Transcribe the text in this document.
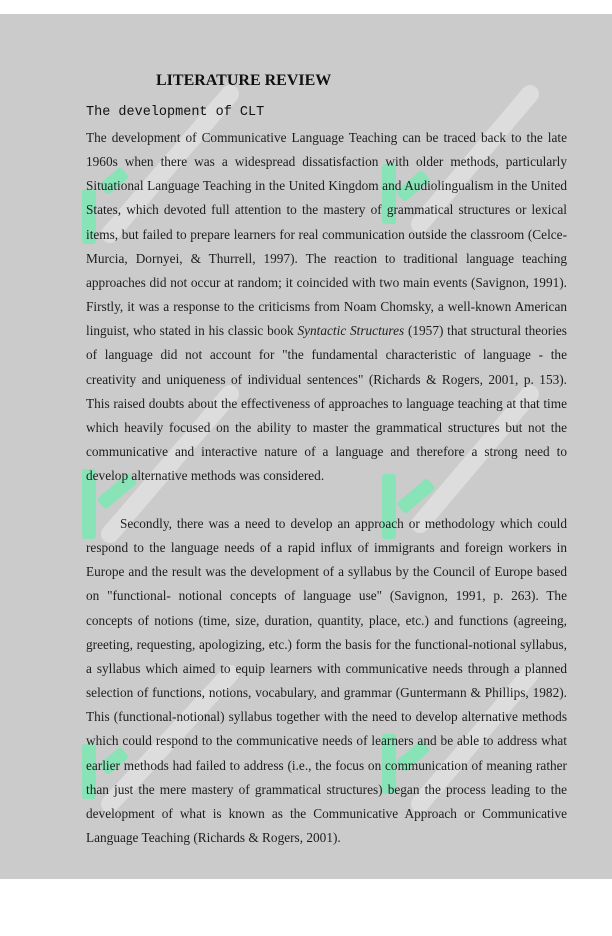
LITERATURE REVIEW
The development of CLT

The development of Communicative Language Teaching can be traced back to the late 1960s when there was a widespread dissatisfaction with older methods, particularly Situational Language Teaching in the United Kingdom and Audiolingualism in the United States, which devoted full attention to the mastery of grammatical structures or lexical items, but failed to prepare learners for real communication outside the classroom (Celce-Murcia, Dornyei, & Thurrell, 1997). The reaction to traditional language teaching approaches did not occur at random; it coincided with two main events (Savignon, 1991). Firstly, it was a response to the criticisms from Noam Chomsky, a well-known American linguist, who stated in his classic book Syntactic Structures (1957) that structural theories of language did not account for "the fundamental characteristic of language - the creativity and uniqueness of individual sentences" (Richards & Rogers, 2001, p. 153). This raised doubts about the effectiveness of approaches to language teaching at that time which heavily focused on the ability to master the grammatical structures but not the communicative and interactive nature of a language and therefore a strong need to develop alternative methods was considered.

Secondly, there was a need to develop an approach or methodology which could respond to the language needs of a rapid influx of immigrants and foreign workers in Europe and the result was the development of a syllabus by the Council of Europe based on "functional- notional concepts of language use" (Savignon, 1991, p. 263). The concepts of notions (time, size, duration, quantity, place, etc.) and functions (agreeing, greeting, requesting, apologizing, etc.) form the basis for the functional-notional syllabus, a syllabus which aimed to equip learners with communicative needs through a planned selection of functions, notions, vocabulary, and grammar (Guntermann & Phillips, 1982). This (functional-notional) syllabus together with the need to develop alternative methods which could respond to the communicative needs of learners and be able to address what earlier methods had failed to address (i.e., the focus on communication of meaning rather than just the mere mastery of grammatical structures) began the process leading to the development of what is known as the Communicative Approach or Communicative Language Teaching (Richards & Rogers, 2001).
